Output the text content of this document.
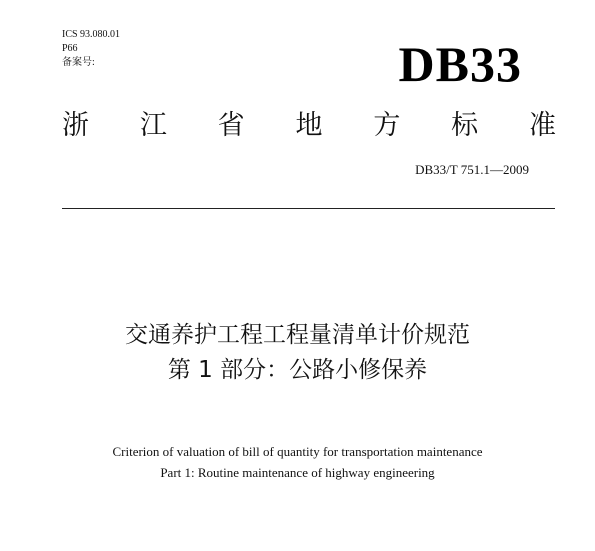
ICS 93.080.01
P66
备案号:	DB33
浙 江 省 地 方 标 准
DB33/T 751.1—2009
交通养护工程工程量清单计价规范
第 1 部分：公路小修保养
Criterion of valuation of bill of quantity for transportation maintenance
Part 1: Routine maintenance of highway engineering
